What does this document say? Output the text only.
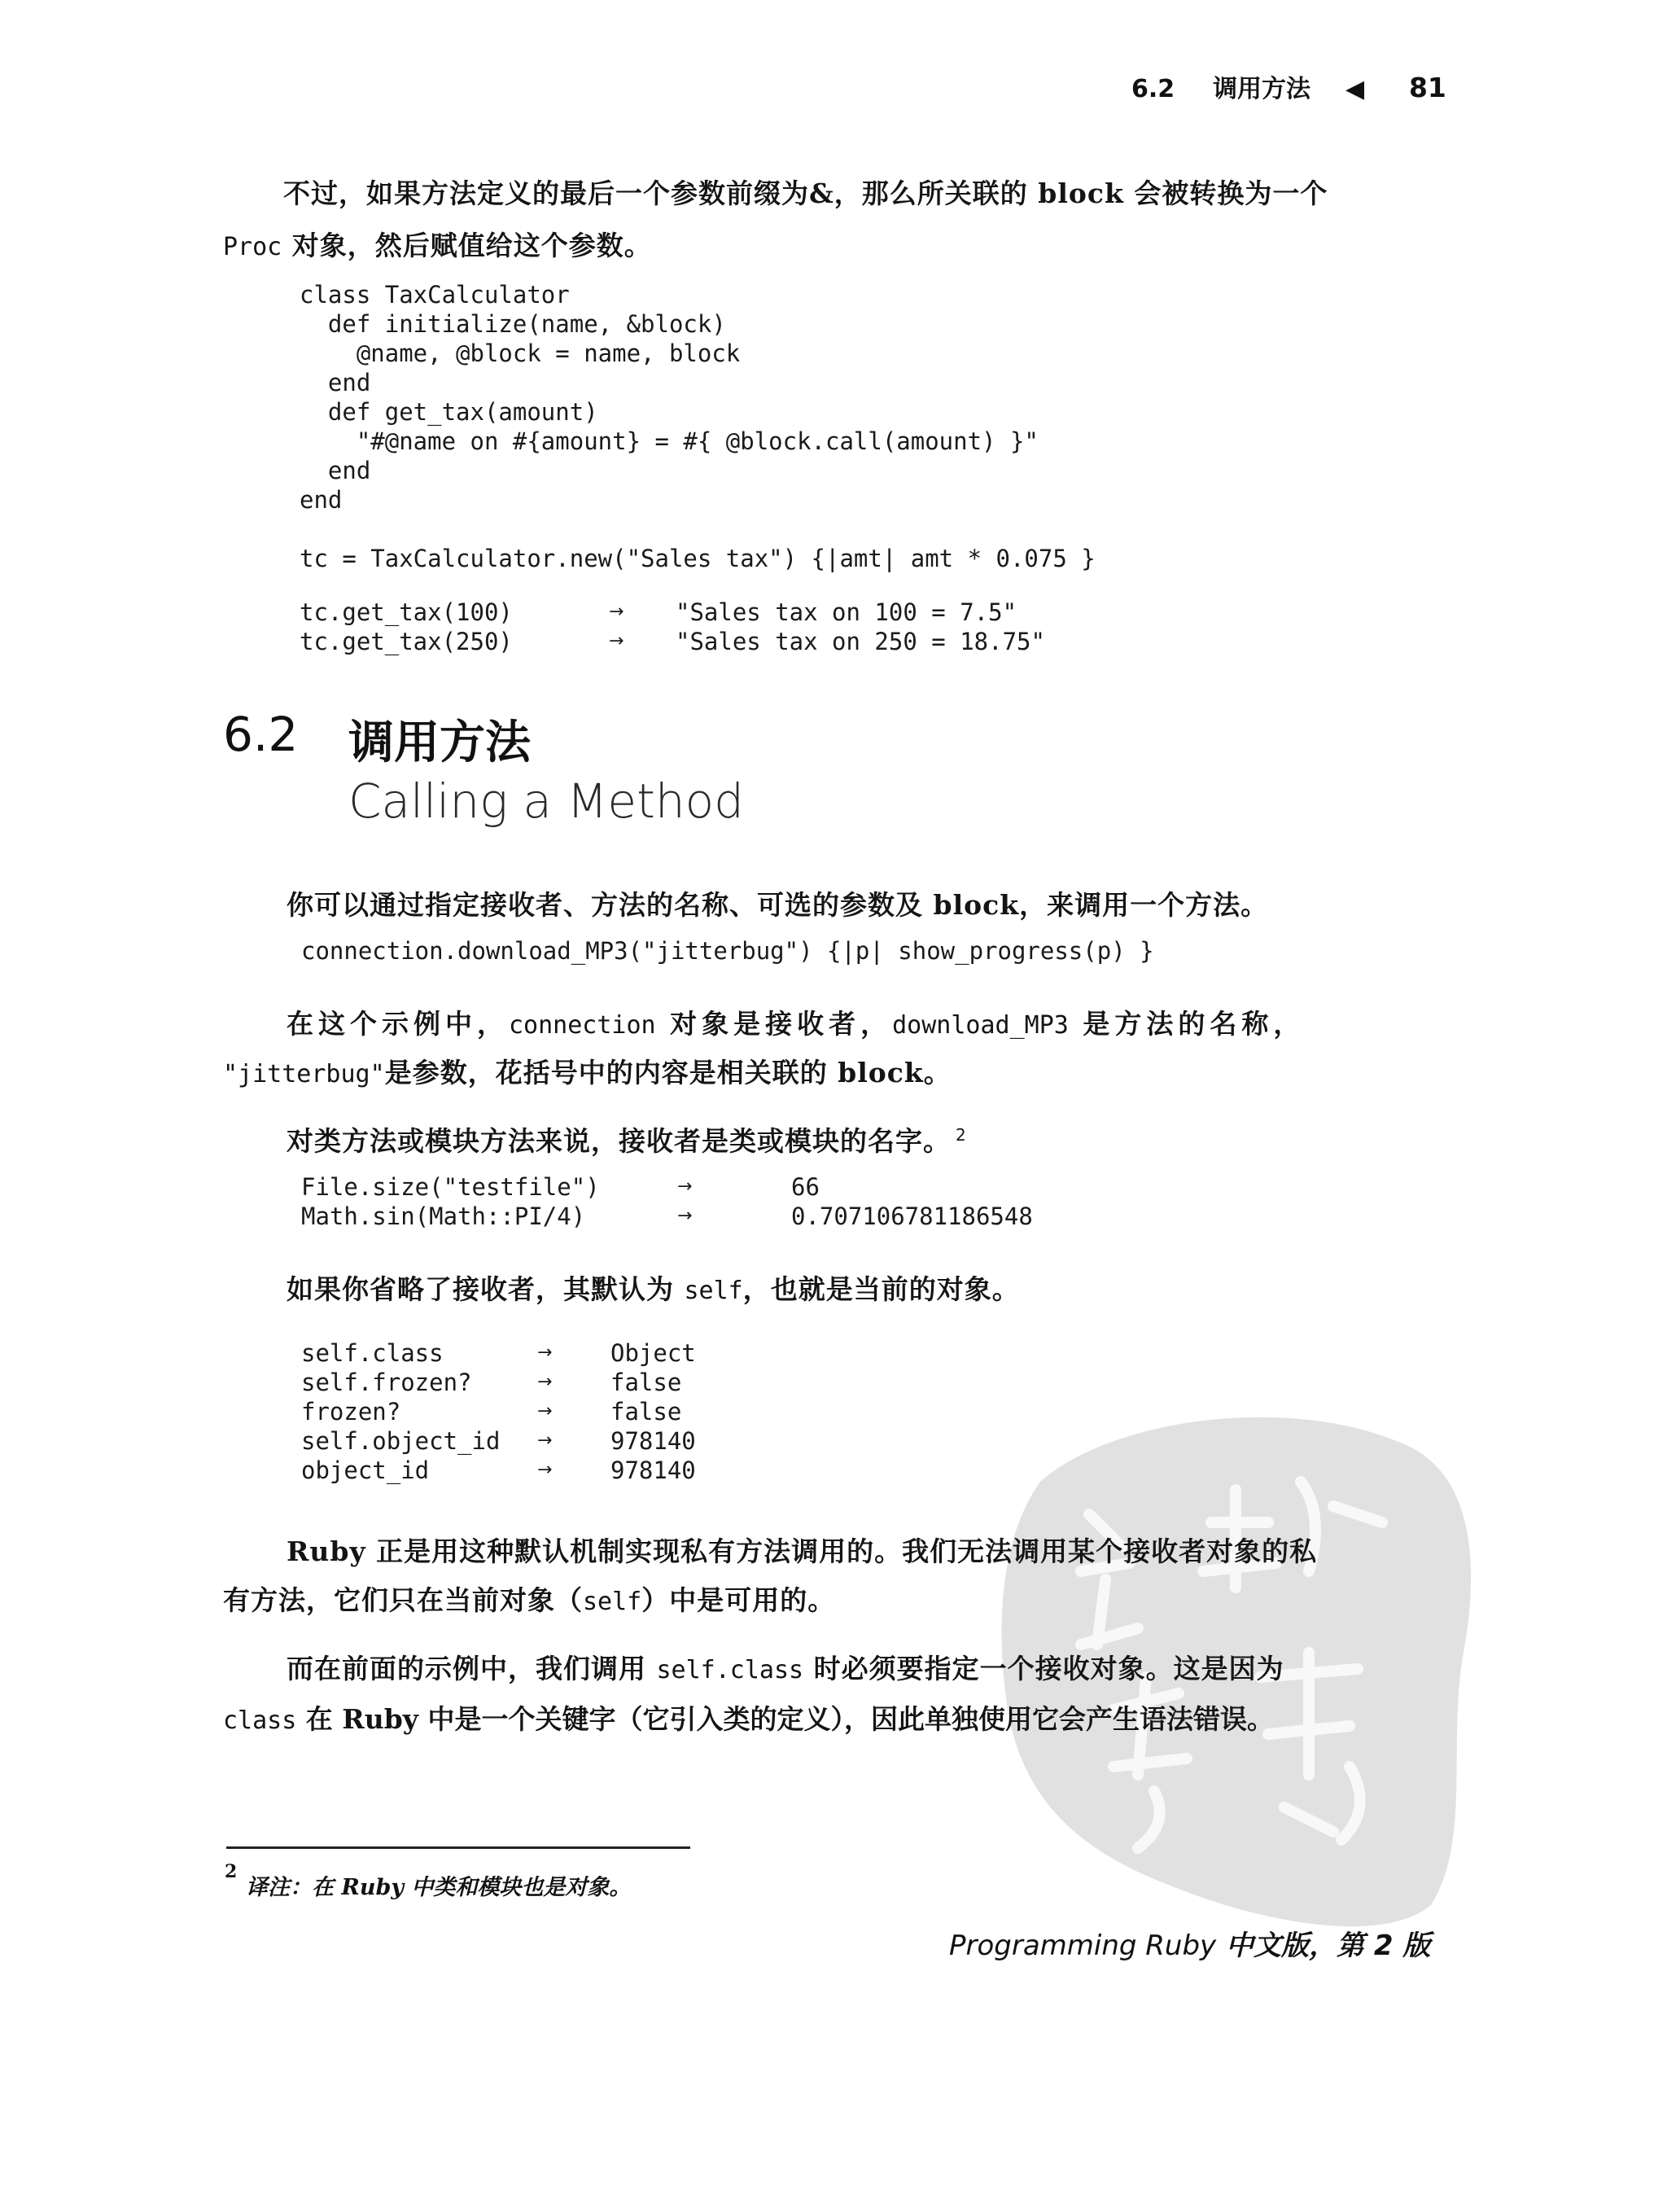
6.2 调用方法 ◀ 81
不过，如果方法定义的最后一个参数前缀为&，那么所关联的 block 会被转换为一个
Proc 对象，然后赋值给这个参数。
class TaxCalculator
def initialize(name, &block)
@name, @block = name, block
end
def get_tax(amount)
"#@name on #{amount} = #{ @block.call(amount) }"
end
end

tc = TaxCalculator.new("Sales tax") {|amt| amt * 0.075 }
tc.get_tax(100)	→	"Sales tax on 100 = 7.5"
tc.get_tax(250)	→	"Sales tax on 250 = 18.75"
6.2 调用方法
Calling a Method
你可以通过指定接收者、方法的名称、可选的参数及 block，来调用一个方法。
connection.download_MP3("jitterbug") {|p| show_progress(p) }
在这个示例中，connection 对象是接收者，download_MP3 是方法的名称，
"jitterbug"是参数，花括号中的内容是相关联的 block。
对类方法或模块方法来说，接收者是类或模块的名字。 $^2$
File.size("testfile")	→	66
Math.sin(Math::PI/4)	→	0.707106781186548
如果你省略了接收者，其默认为 self，也就是当前的对象。
self.class	→	Object
self.frozen?	→	false
frozen?	→	false
self.object_id	→	978140
object_id	→	978140
Ruby 正是用这种默认机制实现私有方法调用的。我们无法调用某个接收者对象的私
有方法，它们只在当前对象（self）中是可用的。
而在前面的示例中，我们调用 self.class 时必须要指定一个接收对象。这是因为
class 在 Ruby 中是一个关键字（它引入类的定义），因此单独使用它会产生语法错误。
2
译注：在 Ruby 中类和模块也是对象。
Programming Ruby 中文版，第 2 版
